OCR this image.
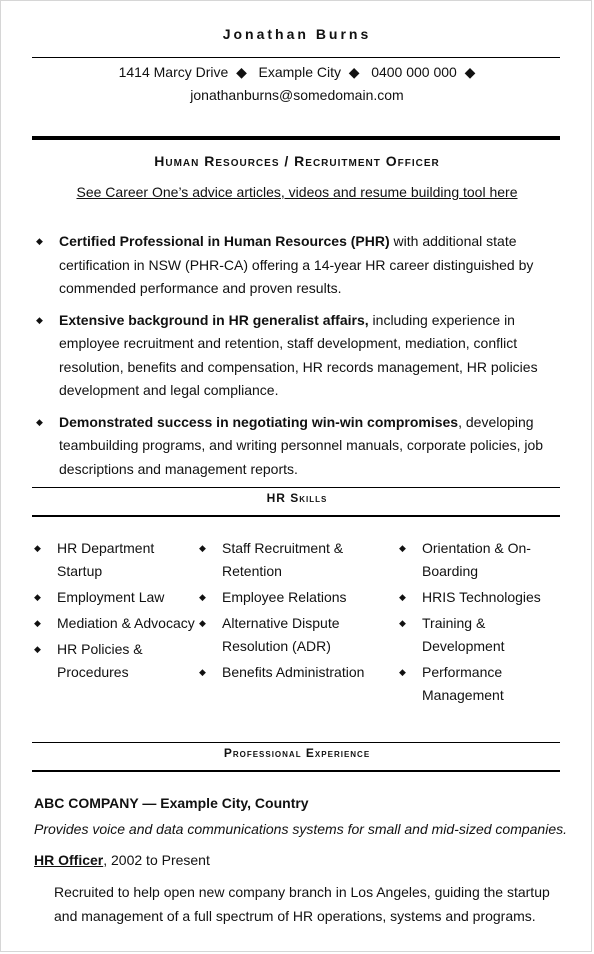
Jonathan Burns
1414 Marcy Drive  ◆   Example City  ◆   0400 000 000  ◆
jonathanburns@somedomain.com
Human Resources / Recruitment Officer
See Career One’s advice articles, videos and resume building tool here
◆	Certified Professional in Human Resources (PHR) with additional state certification in NSW (PHR-CA) offering a 14-year HR career distinguished by commended performance and proven results.
◆	Extensive background in HR generalist affairs, including experience in employee recruitment and retention, staff development, mediation, conflict resolution, benefits and compensation, HR records management, HR policies development and legal compliance.
◆	Demonstrated success in negotiating win-win compromises, developing teambuilding programs, and writing personnel manuals, corporate policies, job descriptions and management reports.
HR Skills
◆	HR Department Startup
◆	Employment Law
◆	Mediation & Advocacy
◆	HR Policies & Procedures
◆	Staff Recruitment & Retention
◆	Employee Relations
◆	Alternative Dispute Resolution (ADR)
◆	Benefits Administration
◆	Orientation & On-Boarding
◆	HRIS Technologies
◆	Training & Development
◆	Performance Management
Professional Experience
ABC COMPANY — Example City, Country
Provides voice and data communications systems for small and mid-sized companies.
HR Officer, 2002 to Present
Recruited to help open new company branch in Los Angeles, guiding the startup and management of a full spectrum of HR operations, systems and programs.
